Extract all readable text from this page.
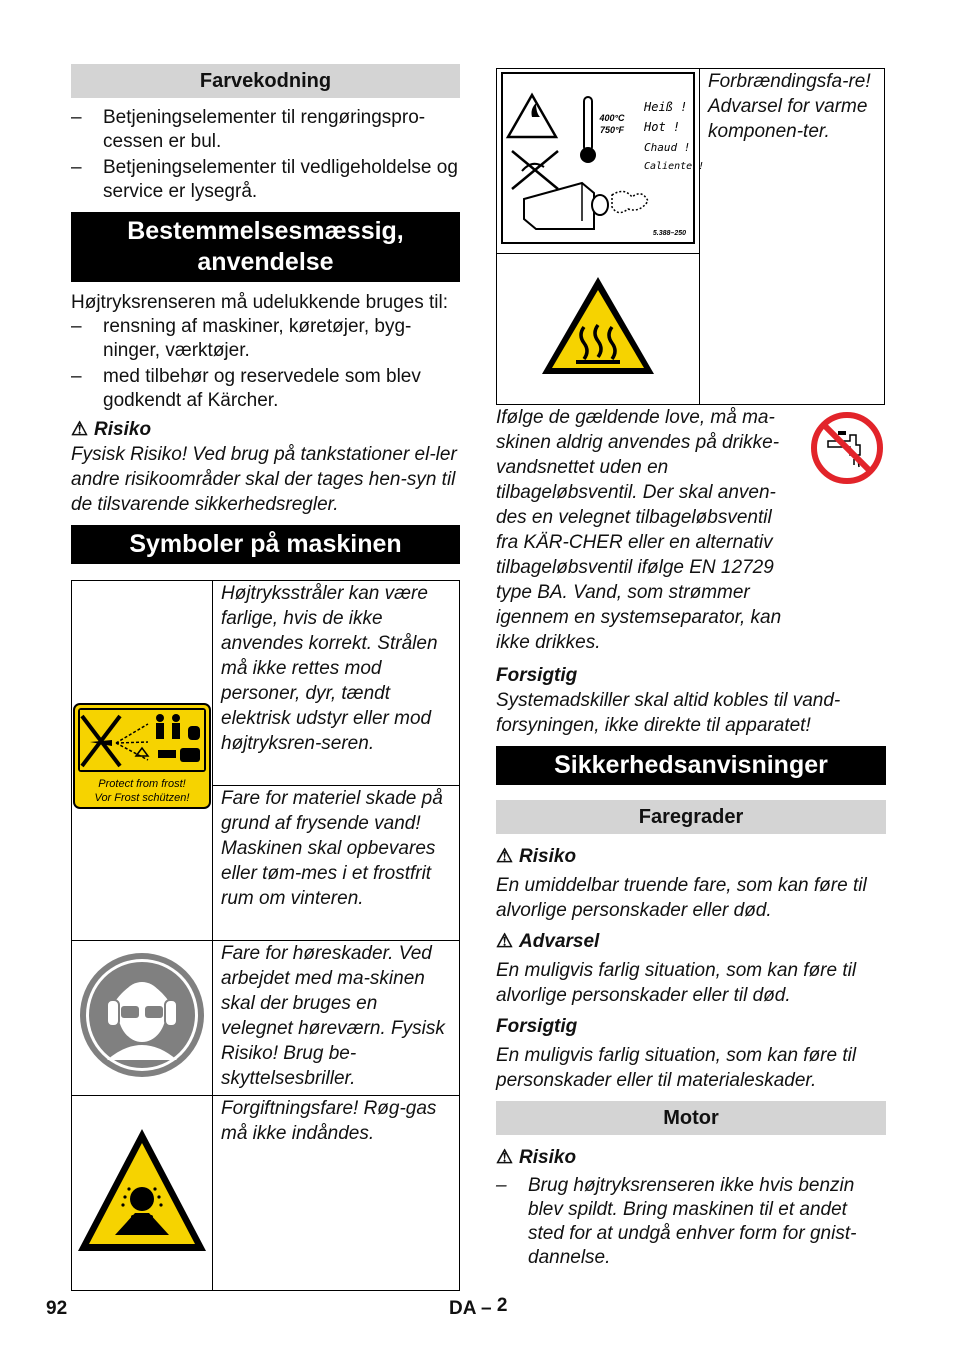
Farvekodning
– Betjeningselementer til rengøringspro-cessen er bul.
– Betjeningselementer til vedligeholdelse og service er lysegrå.
Bestemmelsesmæssig,
anvendelse

Højtryksrenseren må udelukkende bruges til:

– rensning af maskiner, køretøjer, byg-ninger, værktøjer.
– med tilbehør og reservedele som blev godkendt af Kärcher.
⚠ Risiko

Fysisk Risiko! Ved brug på tankstationer el-ler andre risikoområder skal der tages hen-syn til de tilsvarende sikkerhedsregler.

Symboler på maskinen
Protect from frost!
Vor Frost schützen!	Højtryksstråler kan være farlige, hvis de ikke anvendes korrekt. Strålen må ikke rettes mod personer, dyr, tændt elektrisk udstyr eller mod højtryksren-seren.
	Fare for materiel skade på grund af frysende vand! Maskinen skal opbevares eller tøm-mes i et frostfrit rum om vinteren.
	Fare for høreskader. Ved arbejdet med ma-skinen skal der bruges en velegnet høreværn. Fysisk Risiko! Brug be-skyttelsesbriller.
	Forgiftningsfare! Røg-gas må ikke indåndes.
400°C
750°F
Heiß !
Hot !
Chaud !
Caliente !
5.388–250
	Forbrændingsfa-re! Advarsel for varme komponen-ter.

Ifølge de gældende love, må ma-skinen aldrig anvendes på drikke-vandsnettet uden en tilbageløbsventil. Der skal anven-des en velegnet tilbageløbsventil fra KÄR-CHER eller en alternativ tilbageløbsventil ifølge EN 12729 type BA. Vand, som strømmer igennem en systemseparator, kan ikke drikkes.

Forsigtig

Systemadskiller skal altid kobles til vand-forsyningen, ikke direkte til apparatet!

Sikkerhedsanvisninger
Faregrader
⚠ Risiko

En umiddelbar truende fare, som kan føre til alvorlige personskader eller død.

⚠ Advarsel

En muligvis farlig situation, som kan føre til alvorlige personskader eller til død.

Forsigtig

En muligvis farlig situation, som kan føre til personskader eller til materialeskader.

Motor
⚠ Risiko
– Brug højtryksrenseren ikke hvis benzin blev spildt. Bring maskinen til et andet sted for at undgå enhver form for gnist-dannelse.
92	DA – 2
